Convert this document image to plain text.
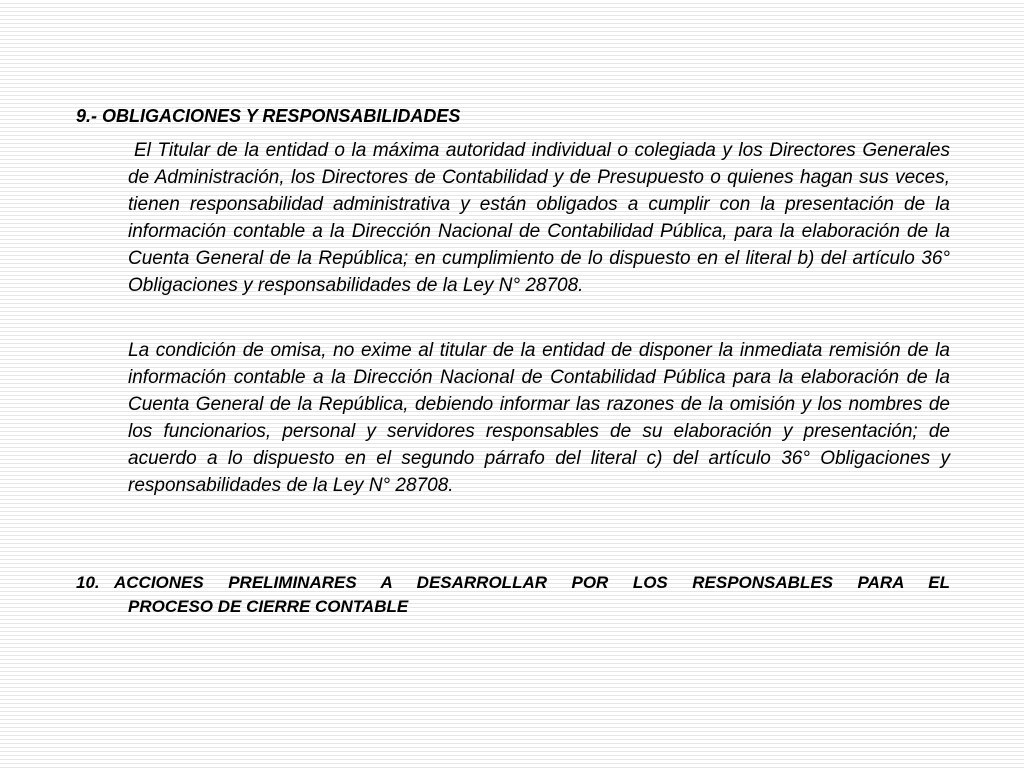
9.- OBLIGACIONES Y RESPONSABILIDADES

El Titular de la entidad o la máxima autoridad individual o colegiada y los Directores Generales de Administración, los Directores de Contabilidad y de Presupuesto o quienes hagan sus veces, tienen responsabilidad administrativa y están obligados a cumplir con la presentación de la información contable a la Dirección Nacional de Contabilidad Pública, para la elaboración de la Cuenta General de la República; en cumplimiento de lo dispuesto en el literal b) del artículo 36° Obligaciones y responsabilidades de la Ley N° 28708.

La condición de omisa, no exime al titular de la entidad de disponer la inmediata remisión de la información contable a la Dirección Nacional de Contabilidad Pública para la elaboración de la Cuenta General de la República, debiendo informar las razones de la omisión y los nombres de los funcionarios, personal y servidores responsables de su elaboración y presentación; de acuerdo a lo dispuesto en el segundo párrafo del literal c) del artículo 36° Obligaciones y responsabilidades de la Ley N° 28708.

10. ACCIONES PRELIMINARES A DESARROLLAR POR LOS RESPONSABLES PARA EL
PROCESO DE CIERRE CONTABLE
